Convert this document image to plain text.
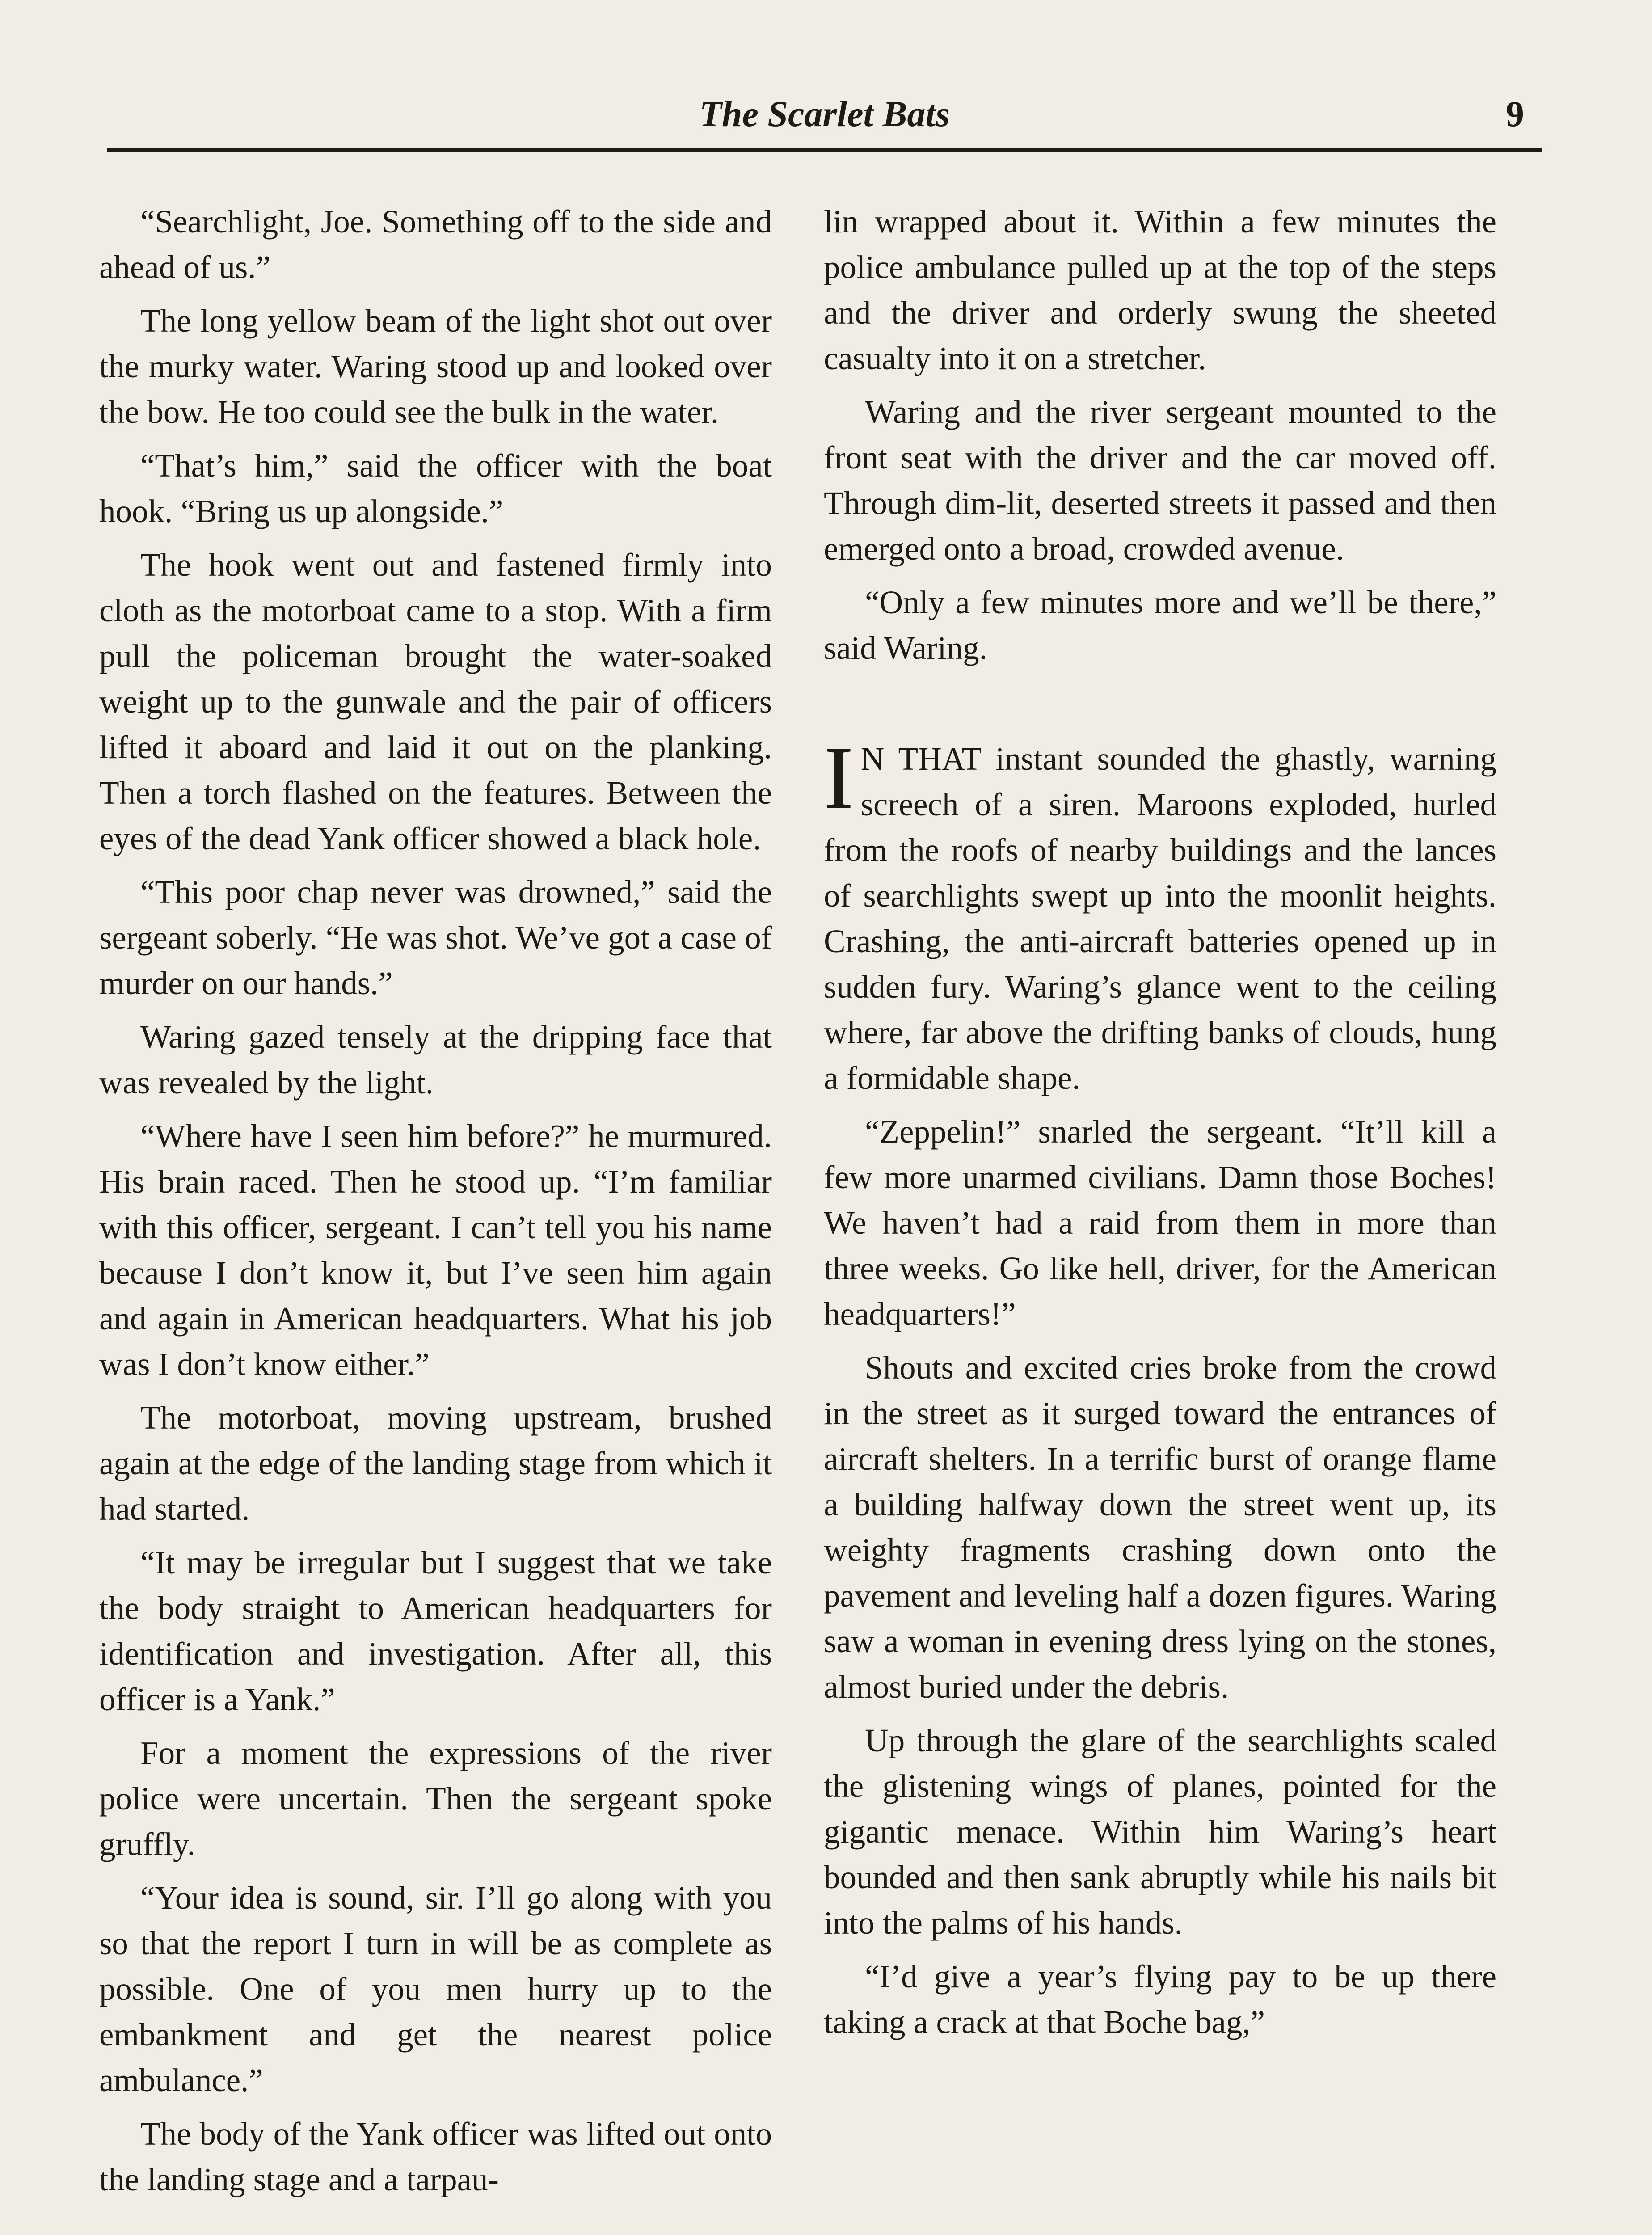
The Scarlet Bats	9

“Searchlight, Joe. Something off to the side and ahead of us.”

The long yellow beam of the light shot out over the murky water. Waring stood up and looked over the bow. He too could see the bulk in the water.

“That’s him,” said the officer with the boat hook. “Bring us up alongside.”

The hook went out and fastened firmly into cloth as the motorboat came to a stop. With a firm pull the policeman brought the water-soaked weight up to the gunwale and the pair of officers lifted it aboard and laid it out on the planking. Then a torch flashed on the features. Between the eyes of the dead Yank officer showed a black hole.

“This poor chap never was drowned,” said the sergeant soberly. “He was shot. We’ve got a case of murder on our hands.”

Waring gazed tensely at the dripping face that was revealed by the light.

“Where have I seen him before?” he murmured. His brain raced. Then he stood up. “I’m familiar with this officer, sergeant. I can’t tell you his name because I don’t know it, but I’ve seen him again and again in American headquarters. What his job was I don’t know either.”

The motorboat, moving upstream, brushed again at the edge of the landing stage from which it had started.

“It may be irregular but I suggest that we take the body straight to American headquarters for identification and investigation. After all, this officer is a Yank.”

For a moment the expressions of the river police were uncertain. Then the sergeant spoke gruffly.

“Your idea is sound, sir. I’ll go along with you so that the report I turn in will be as complete as possible. One of you men hurry up to the embankment and get the nearest police ambulance.”

The body of the Yank officer was lifted out onto the landing stage and a tarpau-

lin wrapped about it. Within a few minutes the police ambulance pulled up at the top of the steps and the driver and orderly swung the sheeted casualty into it on a stretcher.

Waring and the river sergeant mounted to the front seat with the driver and the car moved off. Through dim-lit, deserted streets it passed and then emerged onto a broad, crowded avenue.

“Only a few minutes more and we’ll be there,” said Waring.

I N THAT instant sounded the ghastly, warning screech of a siren. Maroons exploded, hurled from the roofs of nearby buildings and the lances of searchlights swept up into the moonlit heights. Crashing, the anti-aircraft batteries opened up in sudden fury. Waring’s glance went to the ceiling where, far above the drifting banks of clouds, hung a formidable shape.

“Zeppelin!” snarled the sergeant. “It’ll kill a few more unarmed civilians. Damn those Boches! We haven’t had a raid from them in more than three weeks. Go like hell, driver, for the American headquarters!”

Shouts and excited cries broke from the crowd in the street as it surged toward the entrances of aircraft shelters. In a terrific burst of orange flame a building halfway down the street went up, its weighty fragments crashing down onto the pavement and leveling half a dozen figures. Waring saw a woman in evening dress lying on the stones, almost buried under the debris.

Up through the glare of the searchlights scaled the glistening wings of planes, pointed for the gigantic menace. Within him Waring’s heart bounded and then sank abruptly while his nails bit into the palms of his hands.

“I’d give a year’s flying pay to be up there taking a crack at that Boche bag,”
